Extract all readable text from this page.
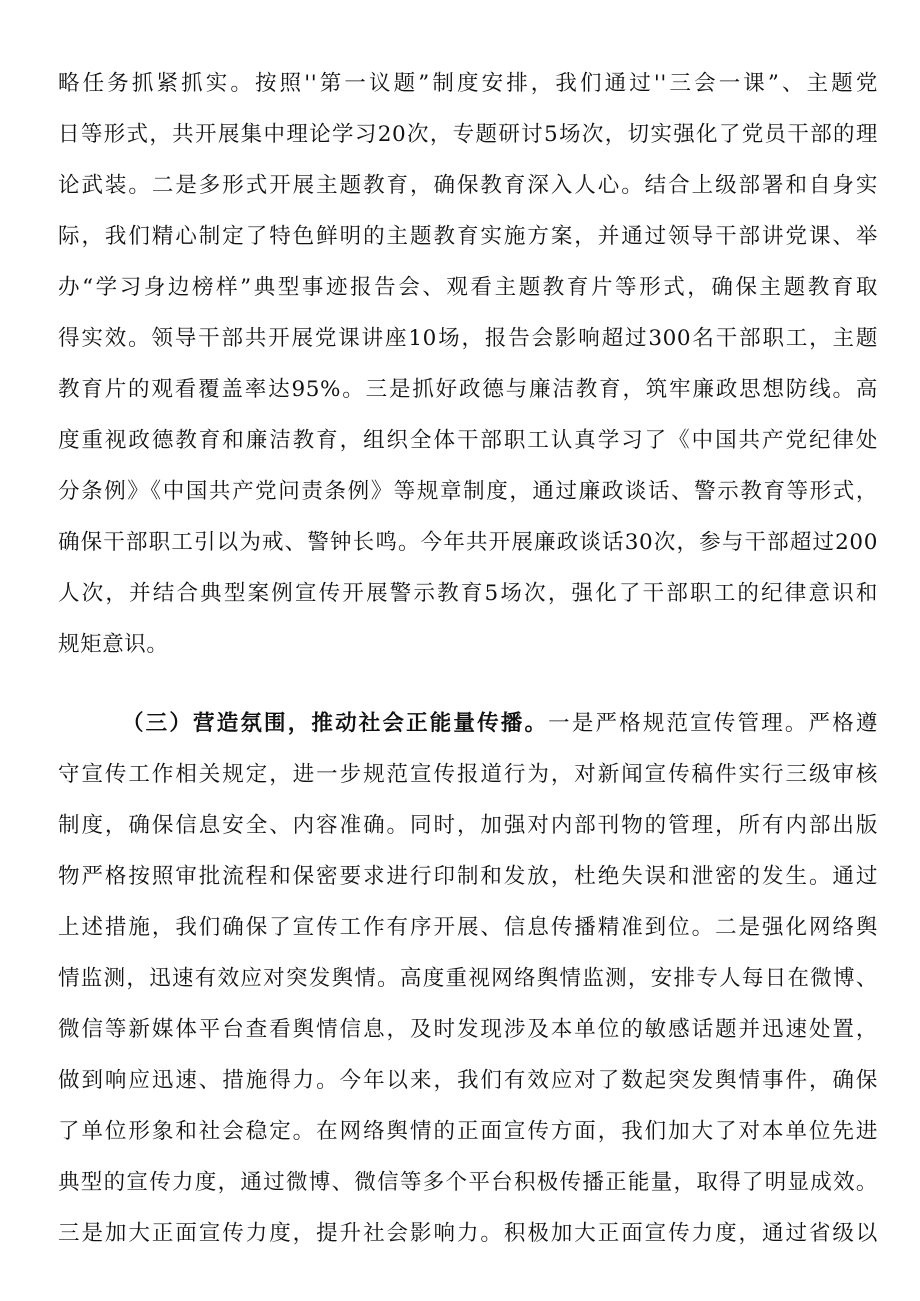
略任务抓紧抓实。按照''第一议题”制度安排，我们通过''三会一课”、主题党
日等形式，共开展集中理论学习20次，专题研讨5场次，切实强化了党员干部的理
论武装。二是多形式开展主题教育，确保教育深入人心。结合上级部署和自身实
际，我们精心制定了特色鲜明的主题教育实施方案，并通过领导干部讲党课、举
办“学习身边榜样”典型事迹报告会、观看主题教育片等形式，确保主题教育取
得实效。领导干部共开展党课讲座10场，报告会影响超过300名干部职工，主题
教育片的观看覆盖率达95%。三是抓好政德与廉洁教育，筑牢廉政思想防线。高
度重视政德教育和廉洁教育，组织全体干部职工认真学习了《中国共产党纪律处
分条例》《中国共产党问责条例》等规章制度，通过廉政谈话、警示教育等形式，
确保干部职工引以为戒、警钟长鸣。今年共开展廉政谈话30次，参与干部超过200
人次，并结合典型案例宣传开展警示教育5场次，强化了干部职工的纪律意识和
规矩意识。
（三）营造氛围，推动社会正能量传播。一是严格规范宣传管理。严格遵
守宣传工作相关规定，进一步规范宣传报道行为，对新闻宣传稿件实行三级审核
制度，确保信息安全、内容准确。同时，加强对内部刊物的管理，所有内部出版
物严格按照审批流程和保密要求进行印制和发放，杜绝失误和泄密的发生。通过
上述措施，我们确保了宣传工作有序开展、信息传播精准到位。二是强化网络舆
情监测，迅速有效应对突发舆情。高度重视网络舆情监测，安排专人每日在微博、
微信等新媒体平台查看舆情信息，及时发现涉及本单位的敏感话题并迅速处置，
做到响应迅速、措施得力。今年以来，我们有效应对了数起突发舆情事件，确保
了单位形象和社会稳定。在网络舆情的正面宣传方面，我们加大了对本单位先进
典型的宣传力度，通过微博、微信等多个平台积极传播正能量，取得了明显成效。
三是加大正面宣传力度，提升社会影响力。积极加大正面宣传力度，通过省级以
